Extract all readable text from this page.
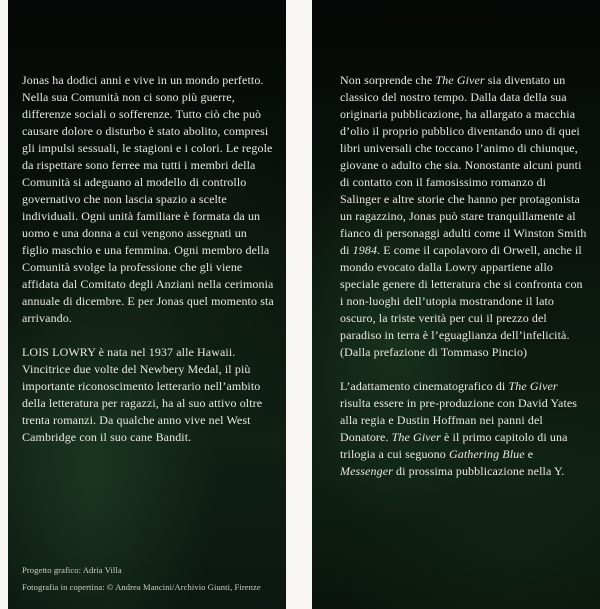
Jonas ha dodici anni e vive in un mondo perfetto. Nella sua Comunità non ci sono più guerre, differenze sociali o sofferenze. Tutto ciò che può causare dolore o disturbo è stato abolito, compresi gli impulsi sessuali, le stagioni e i colori. Le regole da rispettare sono ferree ma tutti i membri della Comunità si adeguano al modello di controllo governativo che non lascia spazio a scelte individuali. Ogni unità familiare è formata da un uomo e una donna a cui vengono assegnati un figlio maschio e una femmina. Ogni membro della Comunità svolge la professione che gli viene affidata dal Comitato degli Anziani nella cerimonia annuale di dicembre. E per Jonas quel momento sta arrivando.

LOIS LOWRY è nata nel 1937 alle Hawaii. Vincitrice due volte del Newbery Medal, il più importante riconoscimento letterario nell’ambito della letteratura per ragazzi, ha al suo attivo oltre trenta romanzi. Da qualche anno vive nel West Cambridge con il suo cane Bandit.

Progetto grafico: Adria Villa

Fotografia in copertina: © Andrea Mancini/Archivio Giunti, Firenze

Non sorprende che The Giver sia diventato un classico del nostro tempo. Dalla data della sua originaria pubblicazione, ha allargato a macchia d’olio il proprio pubblico diventando uno di quei libri universali che toccano l’animo di chiunque, giovane o adulto che sia. Nonostante alcuni punti di contatto con il famosissimo romanzo di Salinger e altre storie che hanno per protagonista un ragazzino, Jonas può stare tranquillamente al fianco di personaggi adulti come il Winston Smith di 1984. E come il capolavoro di Orwell, anche il mondo evocato dalla Lowry appartiene allo speciale genere di letteratura che si confronta con i non-luoghi dell’utopia mostrandone il lato oscuro, la triste verità per cui il prezzo del paradiso in terra è l’eguaglianza dell’infelicità.

(Dalla prefazione di Tommaso Pincio)

L’adattamento cinematografico di The Giver risulta essere in pre-produzione con David Yates alla regia e Dustin Hoffman nei panni del Donatore. The Giver è il primo capitolo di una trilogia a cui seguono Gathering Blue e Messenger di prossima pubblicazione nella Y.
